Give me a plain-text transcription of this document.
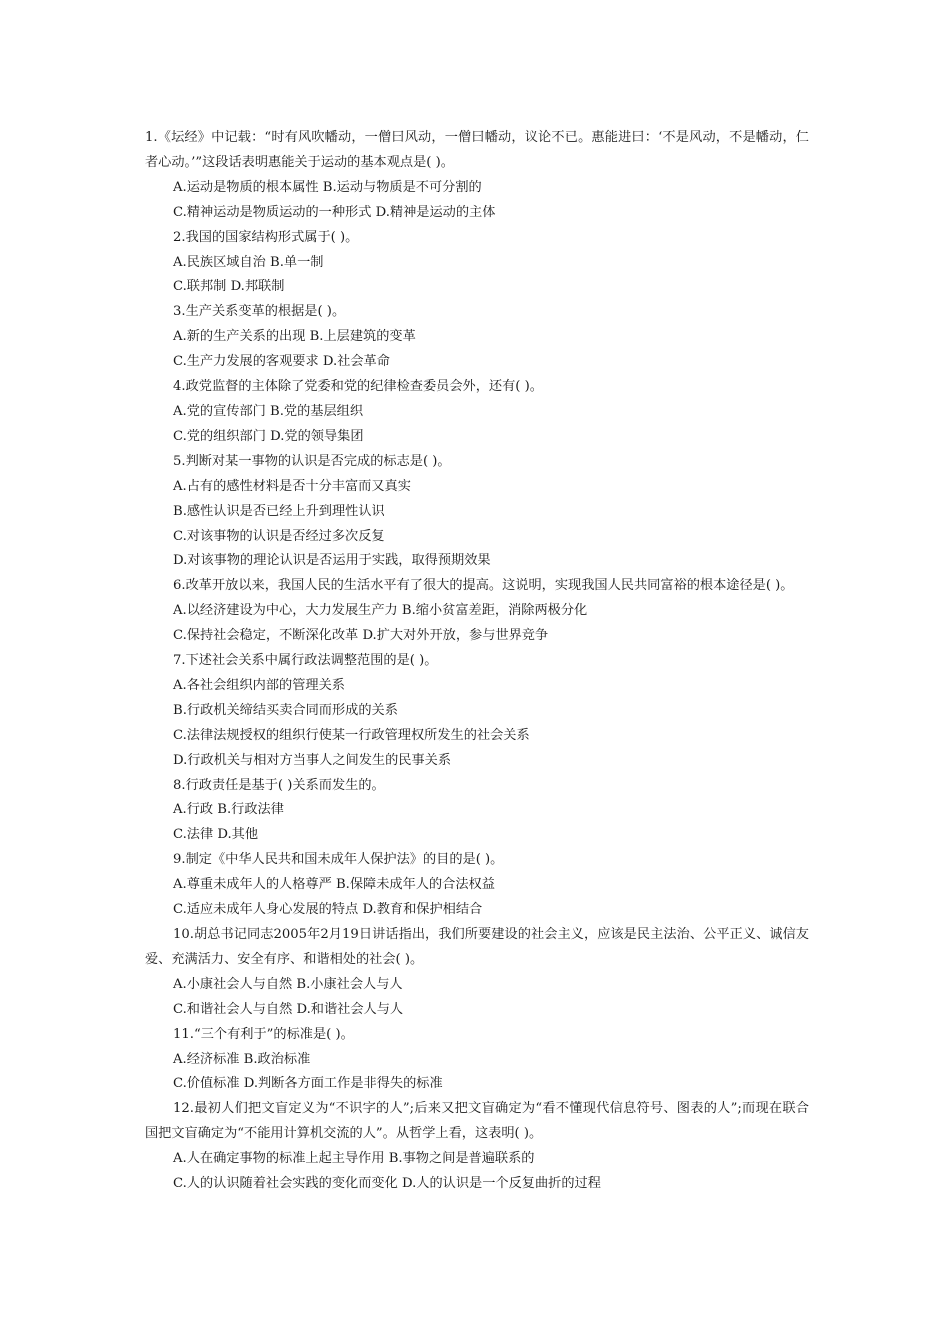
1.《坛经》中记载：“时有风吹幡动，一僧曰风动，一僧曰幡动，议论不已。惠能进曰：‘不是风动，不是幡动，仁者心动。’”这段话表明惠能关于运动的基本观点是( )。

A.运动是物质的根本属性 B.运动与物质是不可分割的

C.精神运动是物质运动的一种形式 D.精神是运动的主体

2.我国的国家结构形式属于( )。

A.民族区域自治 B.单一制

C.联邦制 D.邦联制

3.生产关系变革的根据是( )。

A.新的生产关系的出现 B.上层建筑的变革

C.生产力发展的客观要求 D.社会革命

4.政党监督的主体除了党委和党的纪律检查委员会外，还有( )。

A.党的宣传部门 B.党的基层组织

C.党的组织部门 D.党的领导集团

5.判断对某一事物的认识是否完成的标志是( )。

A.占有的感性材料是否十分丰富而又真实

B.感性认识是否已经上升到理性认识

C.对该事物的认识是否经过多次反复

D.对该事物的理论认识是否运用于实践，取得预期效果

6.改革开放以来，我国人民的生活水平有了很大的提高。这说明，实现我国人民共同富裕的根本途径是( )。

A.以经济建设为中心，大力发展生产力 B.缩小贫富差距，消除两极分化

C.保持社会稳定，不断深化改革 D.扩大对外开放，参与世界竞争

7.下述社会关系中属行政法调整范围的是( )。

A.各社会组织内部的管理关系

B.行政机关缔结买卖合同而形成的关系

C.法律法规授权的组织行使某一行政管理权所发生的社会关系

D.行政机关与相对方当事人之间发生的民事关系

8.行政责任是基于( )关系而发生的。

A.行政 B.行政法律

C.法律 D.其他

9.制定《中华人民共和国未成年人保护法》的目的是( )。

A.尊重未成年人的人格尊严 B.保障未成年人的合法权益

C.适应未成年人身心发展的特点 D.教育和保护相结合

10.胡总书记同志2005年2月19日讲话指出，我们所要建设的社会主义，应该是民主法治、公平正义、诚信友爱、充满活力、安全有序、和谐相处的社会( )。

A.小康社会人与自然 B.小康社会人与人

C.和谐社会人与自然 D.和谐社会人与人

11.“三个有利于”的标准是( )。

A.经济标准 B.政治标准

C.价值标准 D.判断各方面工作是非得失的标准

12.最初人们把文盲定义为“不识字的人”;后来又把文盲确定为“看不懂现代信息符号、图表的人”;而现在联合国把文盲确定为“不能用计算机交流的人”。从哲学上看，这表明( )。

A.人在确定事物的标准上起主导作用 B.事物之间是普遍联系的

C.人的认识随着社会实践的变化而变化 D.人的认识是一个反复曲折的过程
